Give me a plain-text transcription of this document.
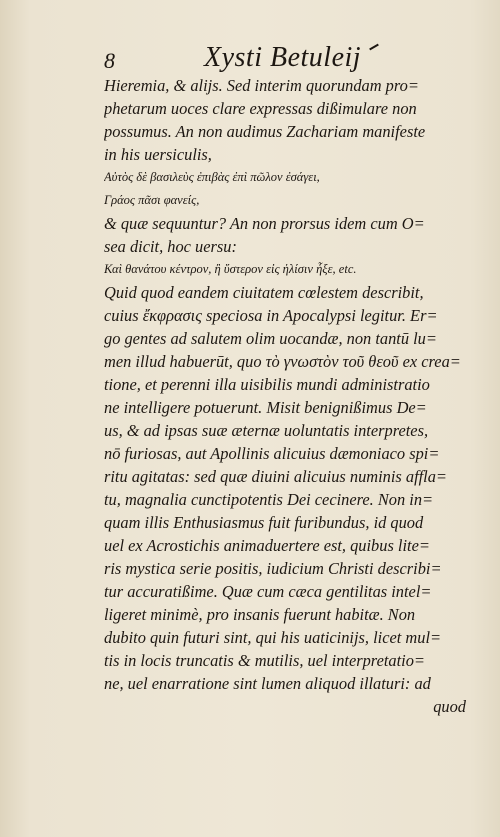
8	Xysti Betuleij
Hieremia, & alijs. Sed interim quorundam pro=
phetarum uoces clare expressas dißimulare non
possumus. An non audimus Zachariam manifeste
in his uersiculis,
Αὐτὸς δὲ βασιλεὺς ἐπιβὰς ἐπὶ πῶλον ἐσάγει,
Γράος πᾶσι φανείς,
& quæ sequuntur? An non prorsus idem cum O=
sea dicit, hoc uersu:
Καὶ θανάτου κέντρον, ἢ ὕστερον εἰς ἡλίσιν ἧξε, etc.
Quid quod eandem ciuitatem cœlestem describit,
cuius ἔκφρασις speciosa in Apocalypsi legitur. Er=
go gentes ad salutem olim uocandæ, non tantū lu=
men illud habuerūt, quo τὸ γνωστὸν τοῦ θεοῦ ex crea=
tione, et perenni illa uisibilis mundi administratio
ne intelligere potuerunt. Misit benignißimus De=
us, & ad ipsas suæ æternæ uoluntatis interpretes,
nō furiosas, aut Apollinis alicuius dæmoniaco spi=
ritu agitatas: sed quæ diuini alicuius numinis affla=
tu, magnalia cunctipotentis Dei cecinere. Non in=
quam illis Enthusiasmus fuit furibundus, id quod
uel ex Acrostichis animaduertere est, quibus lite=
ris mystica serie positis, iudicium Christi describi=
tur accuratißime. Quæ cum cæca gentilitas intel=
ligeret minimè, pro insanis fuerunt habitæ. Non
dubito quin futuri sint, qui his uaticinijs, licet mul=
tis in locis truncatis & mutilis, uel interpretatio=
ne, uel enarratione sint lumen aliquod illaturi: ad
quod
